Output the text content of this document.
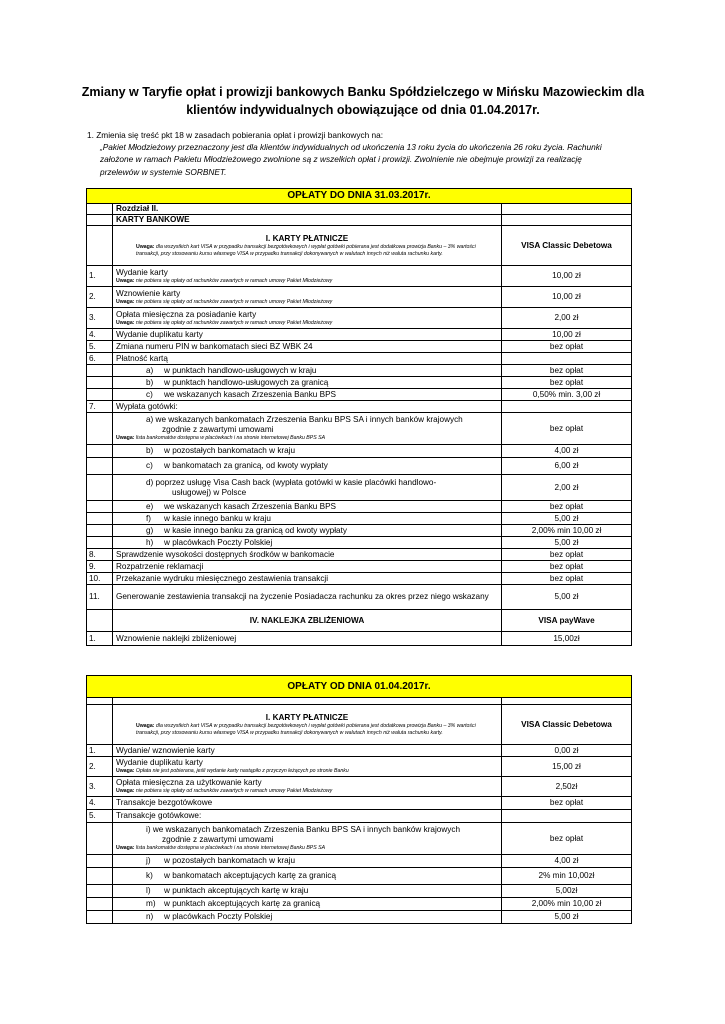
Zmiany w Taryfie opłat i prowizji bankowych Banku Spółdzielczego w Mińsku Mazowieckim dla klientów indywidualnych obowiązujące od dnia 01.04.2017r.
1. Zmienia się treść pkt 18 w zasadach pobierania opłat i prowizji bankowych na:
„Pakiet Młodzieżowy przeznaczony jest dla klientów indywidualnych od ukończenia 13 roku życia do ukończenia 26 roku życia. Rachunki założone w ramach Pakietu Młodzieżowego zwolnione są z wszelkich opłat i prowizji. Zwolnienie nie obejmuje prowizji za realizację przelewów w systemie SORBNET.
OPŁATY DO DNIA 31.03.2017r.		
	Rozdział II.	
	KARTY BANKOWE	

	I. KARTY PŁATNICZE
Uwaga: dla wszystkich kart VISA w przypadku transakcji bezgotówkowych i wypłat gotówki pobierana jest dodatkowa prowizja Banku – 3% wartości transakcji, przy stosowaniu kursu własnego VISA w przypadku transakcji dokonywanych w walutach innych niż waluta rachunku karty.	VISA Classic Debetowa
1.	Wydanie karty
Uwaga: nie pobiera się opłaty od rachunków zawartych w ramach umowy Pakiet Młodzieżowy	10,00 zł
2.	Wznowienie karty
Uwaga: nie pobiera się opłaty od rachunków zawartych w ramach umowy Pakiet Młodzieżowy	10,00 zł
3.	Opłata miesięczna za posiadanie karty
Uwaga: nie pobiera się opłaty od rachunków zawartych w ramach umowy Pakiet Młodzieżowy	2,00 zł
4.	Wydanie duplikatu karty	10,00 zł
5.	Zmiana numeru PIN w bankomatach sieci BZ WBK 24	bez opłat
6.	Płatność kartą	

	a) w punktach handlowo-usługowych w kraju	bez opłat

	b) w punktach handlowo-usługowych za granicą	bez opłat

	c) we wskazanych kasach Zrzeszenia Banku BPS	0,50% min. 3,00 zł
7.	Wypłata gotówki:	

	a) we wskazanych bankomatach Zrzeszenia Banku BPS SA i innych banków krajowych
zgodnie z zawartymi umowami
Uwaga: lista bankomatów dostępna w placówkach i na stronie internetowej Banku BPS SA	bez opłat

	b) w pozostałych bankomatach w kraju	4,00 zł

	c) w bankomatach za granicą, od kwoty wypłaty	6,00 zł

	d) poprzez usługę Visa Cash back (wypłata gotówki w kasie placówki handlowo-
usługowej) w Polsce	2,00 zł

	e) we wskazanych kasach Zrzeszenia Banku BPS	bez opłat

	f) w kasie innego banku w kraju	5,00 zł

	g) w kasie innego banku za granicą od kwoty wypłaty	2,00% min 10,00 zł

	h) w placówkach Poczty Polskiej	5,00 zł
8.	Sprawdzenie wysokości dostępnych środków w bankomacie	bez opłat
9.	Rozpatrzenie reklamacji	bez opłat
10.	Przekazanie wydruku miesięcznego zestawienia transakcji	bez opłat
11.	Generowanie zestawienia transakcji na życzenie Posiadacza rachunku za okres przez niego wskazany	5,00 zł
	IV. NAKLEJKA ZBLIŻENIOWA	VISA payWave
1.	Wznowienie naklejki zbliżeniowej	15,00zł
OPŁATY OD DNIA 01.04.2017r.		

	I. KARTY PŁATNICZE
Uwaga: dla wszystkich kart VISA w przypadku transakcji bezgotówkowych i wypłat gotówki pobierana jest dodatkowa prowizja Banku – 3% wartości transakcji, przy stosowaniu kursu własnego VISA w przypadku transakcji dokonywanych w walutach innych niż waluta rachunku karty.	VISA Classic Debetowa
1.	Wydanie/ wznowienie karty	0,00 zł
2.	Wydanie duplikatu karty
Uwaga: Opłata nie jest pobierana, jeśli wydanie karty nastąpiło z przyczyn leżących po stronie Banku	15,00 zł
3.	Opłata miesięczna za użytkowanie karty
Uwaga: nie pobiera się opłaty od rachunków zawartych w ramach umowy Pakiet Młodzieżowy	2,50zł
4.	Transakcje bezgotówkowe	bez opłat
5.	Transakcje gotówkowe:	

	i) we wskazanych bankomatach Zrzeszenia Banku BPS SA i innych banków krajowych
zgodnie z zawartymi umowami
Uwaga: lista bankomatów dostępna w placówkach i na stronie internetowej Banku BPS SA	bez opłat

	j) w pozostałych bankomatach w kraju	4,00 zł

	k) w bankomatach akceptujących kartę za granicą	2% min 10,00zł

	l) w punktach akceptujących kartę w kraju	5,00zł

	m) w punktach akceptujących kartę za granicą	2,00% min 10,00 zł

	n) w placówkach Poczty Polskiej	5,00 zł
